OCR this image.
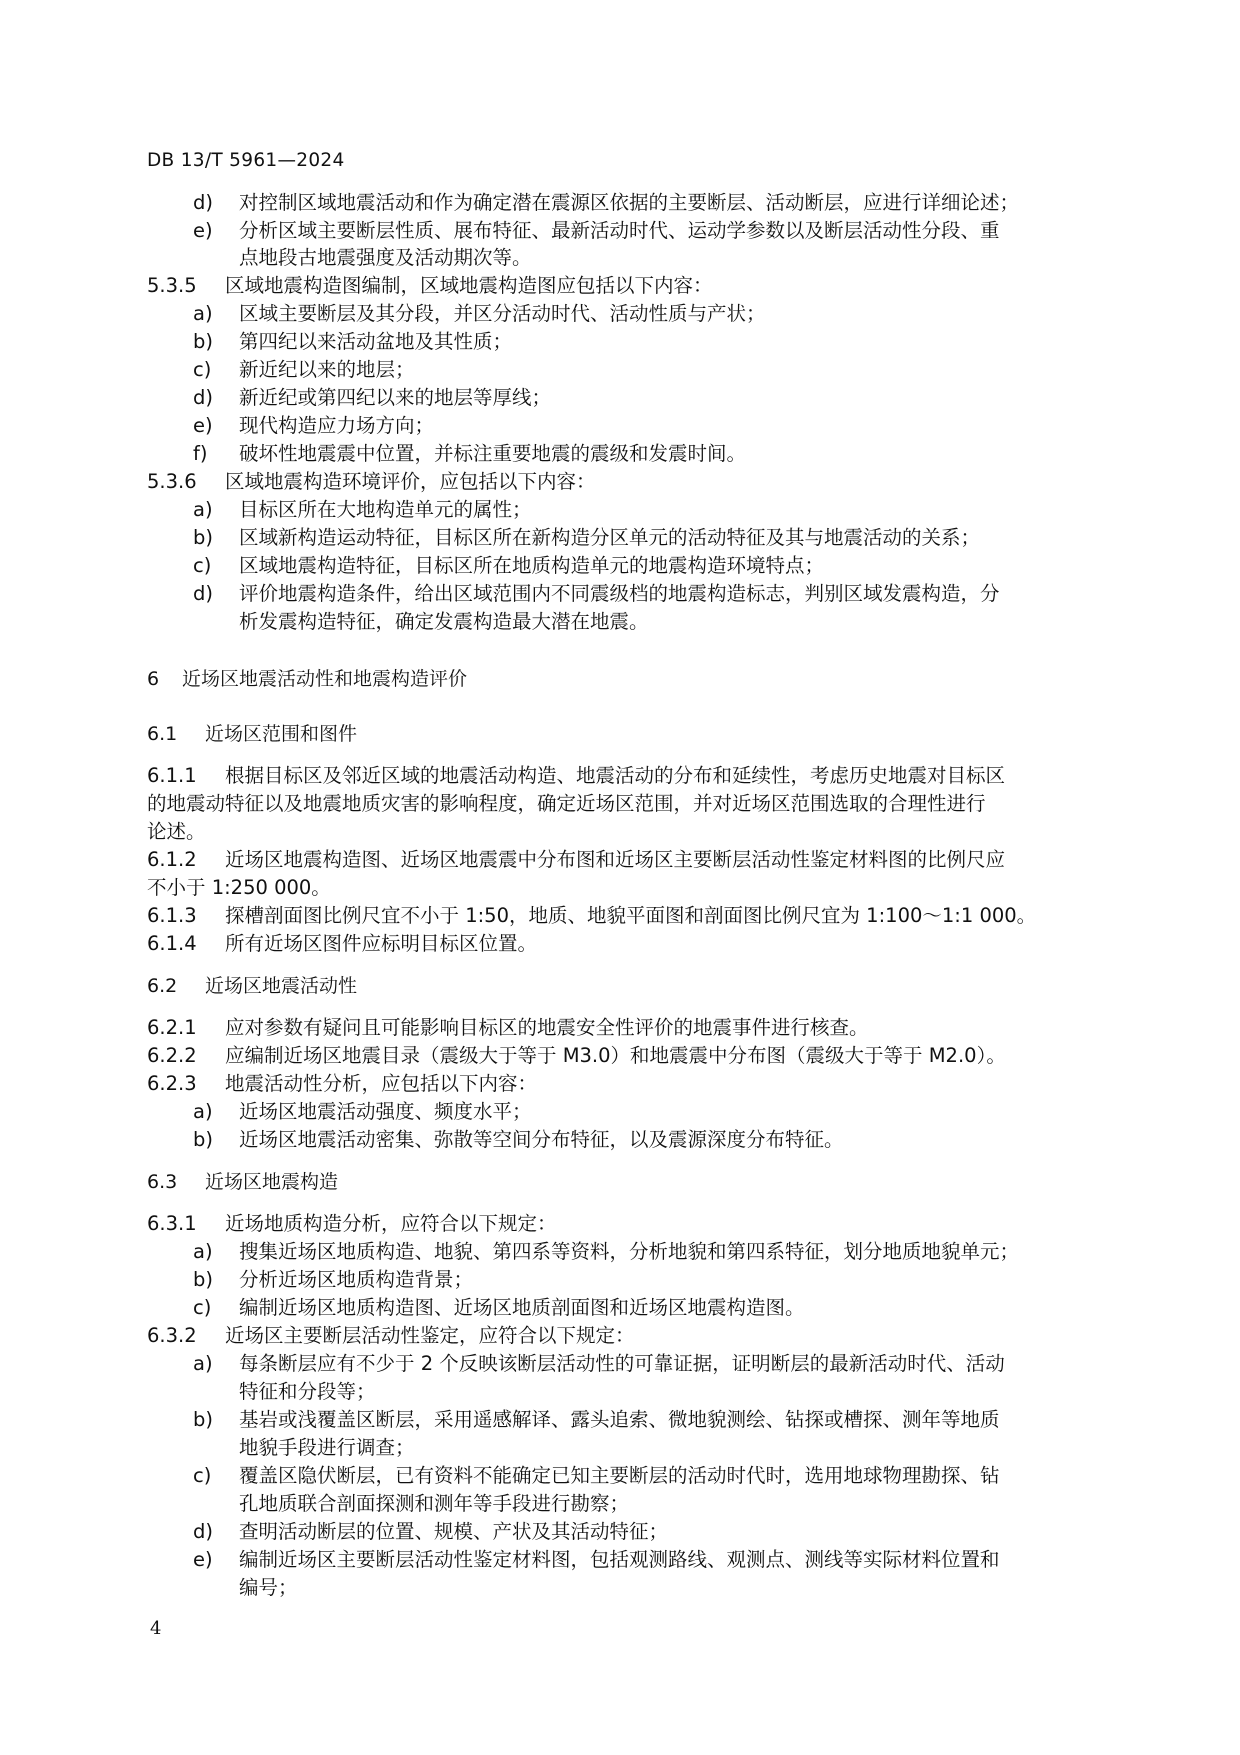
DB 13/T 5961—2024
d) 对控制区域地震活动和作为确定潜在震源区依据的主要断层、活动断层，应进行详细论述；
e) 分析区域主要断层性质、展布特征、最新活动时代、运动学参数以及断层活动性分段、重
点地段古地震强度及活动期次等。
5.3.5 区域地震构造图编制，区域地震构造图应包括以下内容：
a) 区域主要断层及其分段，并区分活动时代、活动性质与产状；
b) 第四纪以来活动盆地及其性质；
c) 新近纪以来的地层；
d) 新近纪或第四纪以来的地层等厚线；
e) 现代构造应力场方向；
f) 破坏性地震震中位置，并标注重要地震的震级和发震时间。
5.3.6 区域地震构造环境评价，应包括以下内容：
a) 目标区所在大地构造单元的属性；
b) 区域新构造运动特征，目标区所在新构造分区单元的活动特征及其与地震活动的关系；
c) 区域地震构造特征，目标区所在地质构造单元的地震构造环境特点；
d) 评价地震构造条件，给出区域范围内不同震级档的地震构造标志，判别区域发震构造，分
析发震构造特征，确定发震构造最大潜在地震。
6 近场区地震活动性和地震构造评价
6.1 近场区范围和图件
6.1.1 根据目标区及邻近区域的地震活动构造、地震活动的分布和延续性，考虑历史地震对目标区
的地震动特征以及地震地质灾害的影响程度，确定近场区范围，并对近场区范围选取的合理性进行
论述。
6.1.2 近场区地震构造图、近场区地震震中分布图和近场区主要断层活动性鉴定材料图的比例尺应
不小于 1:250 000。
6.1.3 探槽剖面图比例尺宜不小于 1:50，地质、地貌平面图和剖面图比例尺宜为 1:100～1:1 000。
6.1.4 所有近场区图件应标明目标区位置。
6.2 近场区地震活动性
6.2.1 应对参数有疑问且可能影响目标区的地震安全性评价的地震事件进行核查。
6.2.2 应编制近场区地震目录（震级大于等于 M3.0）和地震震中分布图（震级大于等于 M2.0）。
6.2.3 地震活动性分析，应包括以下内容：
a) 近场区地震活动强度、频度水平；
b) 近场区地震活动密集、弥散等空间分布特征，以及震源深度分布特征。
6.3 近场区地震构造
6.3.1 近场地质构造分析，应符合以下规定：
a) 搜集近场区地质构造、地貌、第四系等资料，分析地貌和第四系特征，划分地质地貌单元；
b) 分析近场区地质构造背景；
c) 编制近场区地质构造图、近场区地质剖面图和近场区地震构造图。
6.3.2 近场区主要断层活动性鉴定，应符合以下规定：
a) 每条断层应有不少于 2 个反映该断层活动性的可靠证据，证明断层的最新活动时代、活动
特征和分段等；
b) 基岩或浅覆盖区断层，采用遥感解译、露头追索、微地貌测绘、钻探或槽探、测年等地质
地貌手段进行调查；
c) 覆盖区隐伏断层，已有资料不能确定已知主要断层的活动时代时，选用地球物理勘探、钻
孔地质联合剖面探测和测年等手段进行勘察；
d) 查明活动断层的位置、规模、产状及其活动特征；
e) 编制近场区主要断层活动性鉴定材料图，包括观测路线、观测点、测线等实际材料位置和
编号；
4
